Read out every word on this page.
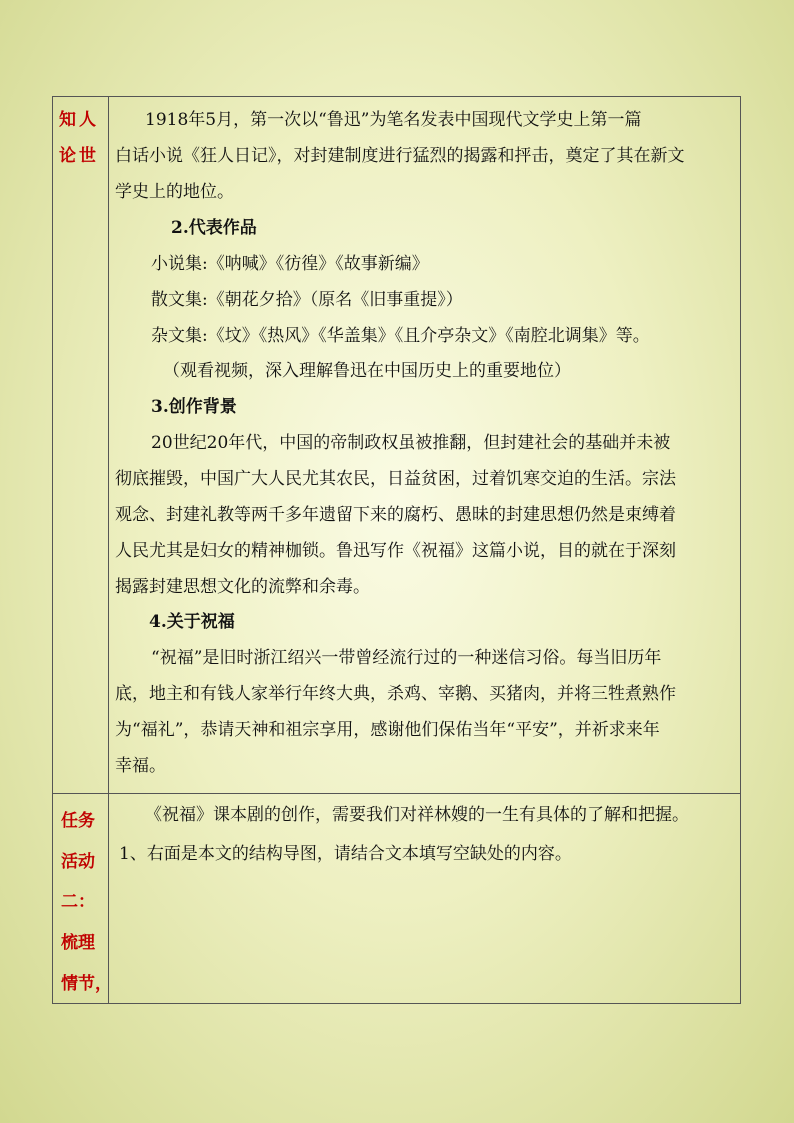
知人
论世
1918年5月，第一次以“鲁迅”为笔名发表中国现代文学史上第一篇
白话小说《狂人日记》，对封建制度进行猛烈的揭露和抨击，奠定了其在新文
学史上的地位。
2.代表作品
小说集:《呐喊》《彷徨》《故事新编》
散文集:《朝花夕拾》（原名《旧事重提》）
杂文集:《坟》《热风》《华盖集》《且介亭杂文》《南腔北调集》等。
（观看视频，深入理解鲁迅在中国历史上的重要地位）
3.创作背景
20世纪20年代，中国的帝制政权虽被推翻，但封建社会的基础并未被
彻底摧毁，中国广大人民尤其农民，日益贫困，过着饥寒交迫的生活。宗法
观念、封建礼教等两千多年遗留下来的腐朽、愚昧的封建思想仍然是束缚着
人民尤其是妇女的精神枷锁。鲁迅写作《祝福》这篇小说，目的就在于深刻
揭露封建思想文化的流弊和余毒。
4.关于祝福
“祝福”是旧时浙江绍兴一带曾经流行过的一种迷信习俗。每当旧历年
底，地主和有钱人家举行年终大典，杀鸡、宰鹅、买猪肉，并将三牲煮熟作
为“福礼”，恭请天神和祖宗享用，感谢他们保佑当年“平安”，并祈求来年
幸福。
任务
活动
二：
梳理
情节，
《祝福》课本剧的创作，需要我们对祥林嫂的一生有具体的了解和把握。
1、右面是本文的结构导图，请结合文本填写空缺处的内容。
